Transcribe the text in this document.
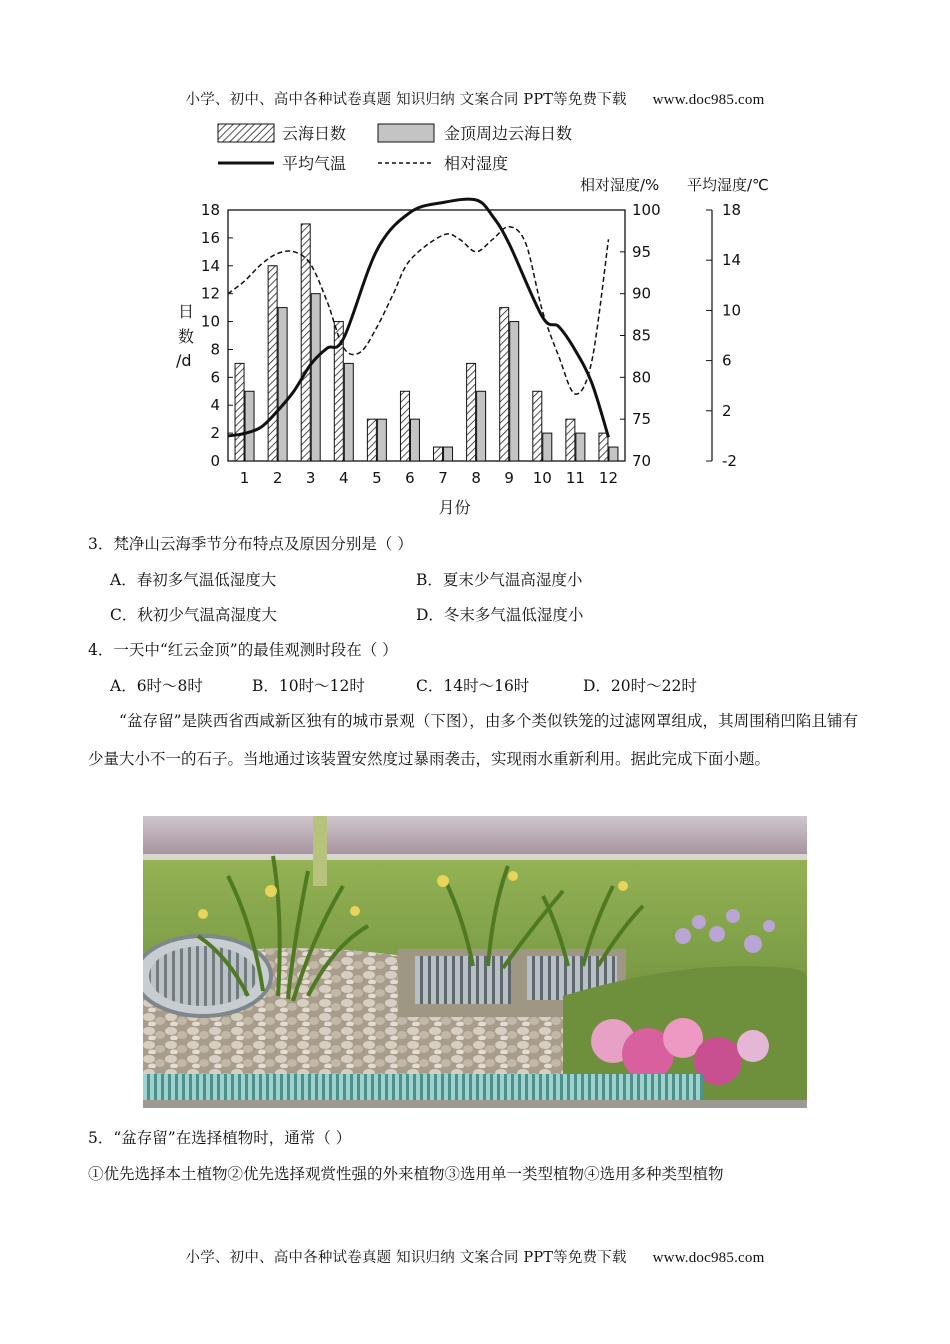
小学、初中、高中各种试卷真题 知识归纳 文案合同 PPT等免费下载 www.doc985.com
云海日数	金顶周边云海日数
平均气温	相对湿度
相对湿度/% 平均湿度/℃
0
2
4
6
8
10
12
14
16
18
日
数
/d
70
75
80
85
90
95
100
-2
2
6
10
14
18
1 2 3 4 5 6 7 8 9 10 11 12
月份
3．梵净山云海季节分布特点及原因分别是（ ）
A．春初多气温低湿度大	B．夏末少气温高湿度小
C．秋初少气温高湿度大	D．冬末多气温低湿度小
4．一天中“红云金顶”的最佳观测时段在（ ）
A．6时～8时	B．10时～12时	C．14时～16时	D．20时～22时
“盆存留”是陕西省西咸新区独有的城市景观（下图），由多个类似铁笼的过滤网罩组成，其周围稍凹陷且铺有少量大小不一的石子。当地通过该装置安然度过暴雨袭击，实现雨水重新利用。据此完成下面小题。
5．“盆存留”在选择植物时，通常（ ）
①优先选择本土植物②优先选择观赏性强的外来植物③选用单一类型植物④选用多种类型植物
小学、初中、高中各种试卷真题 知识归纳 文案合同 PPT等免费下载 www.doc985.com
